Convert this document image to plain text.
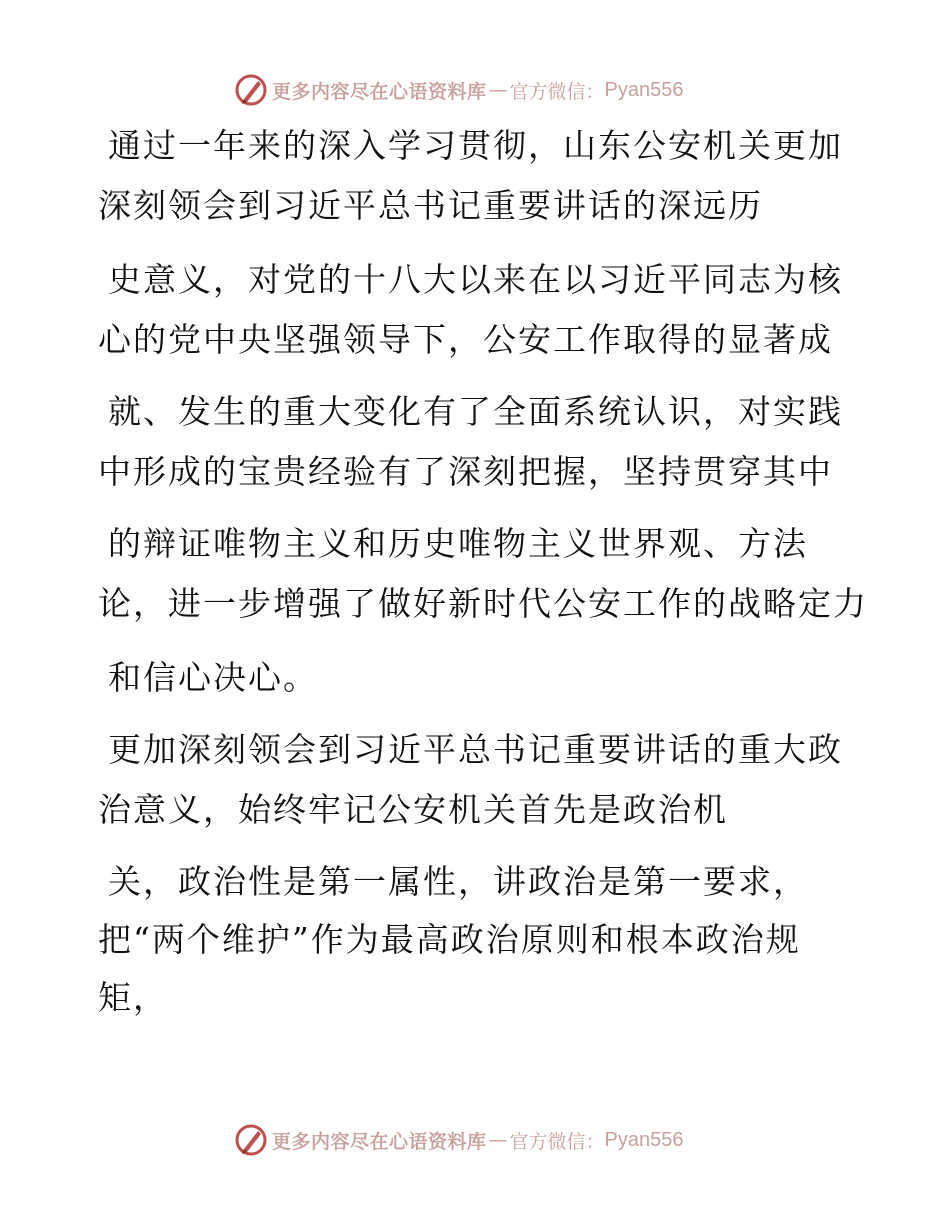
更多内容尽在心语资料库 — 官方微信： Pyan556

通过一年来的深入学习贯彻，山东公安机关更加

深刻领会到习近平总书记重要讲话的深远历

史意义，对党的十八大以来在以习近平同志为核

心的党中央坚强领导下，公安工作取得的显著成

就、发生的重大变化有了全面系统认识，对实践

中形成的宝贵经验有了深刻把握，坚持贯穿其中

的辩证唯物主义和历史唯物主义世界观、方法

论，进一步增强了做好新时代公安工作的战略定力

和信心决心。

更加深刻领会到习近平总书记重要讲话的重大政

治意义，始终牢记公安机关首先是政治机

关，政治性是第一属性，讲政治是第一要求，

把“两个维护”作为最高政治原则和根本政治规

矩，

更多内容尽在心语资料库 — 官方微信： Pyan556
